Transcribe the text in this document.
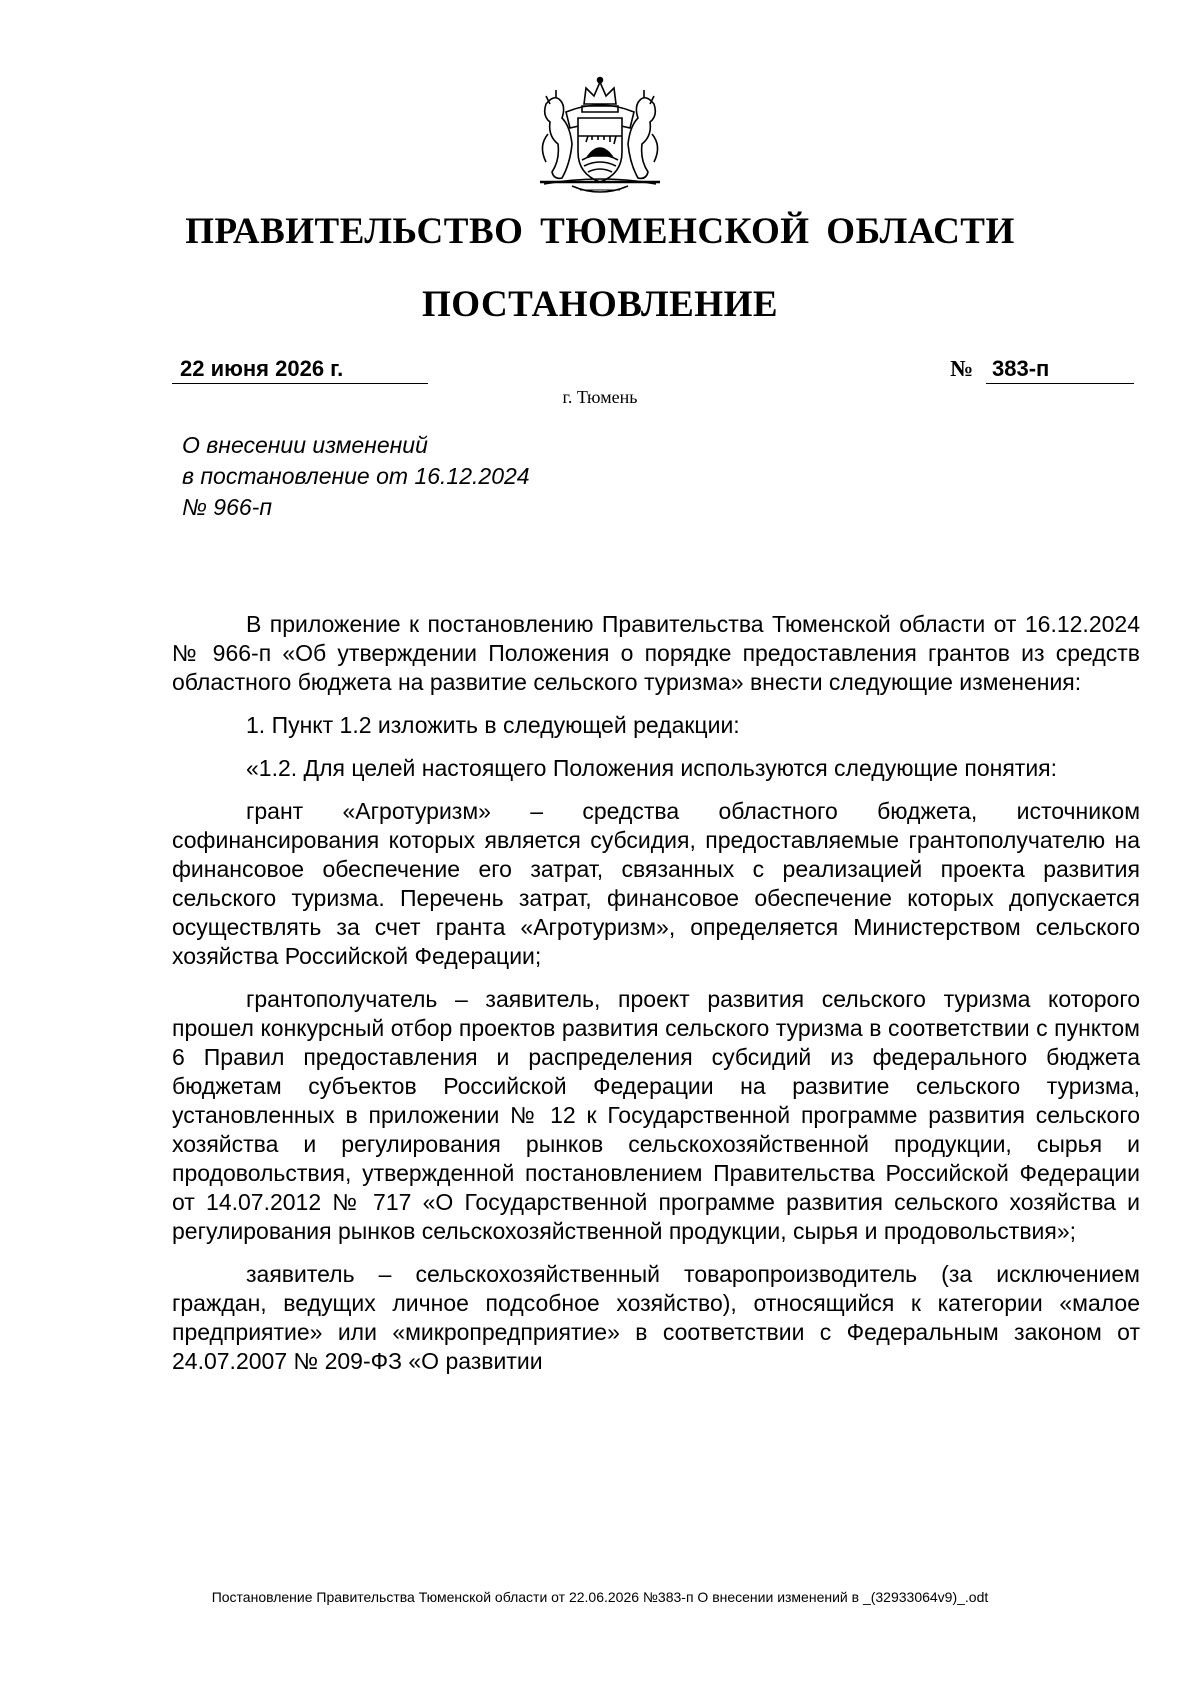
ПРАВИТЕЛЬСТВО ТЮМЕНСКОЙ ОБЛАСТИ
ПОСТАНОВЛЕНИЕ
22 июня 2026 г.	№ 383-п
г. Тюмень
О внесении изменений
в постановление от 16.12.2024
№ 966-п

В приложение к постановлению Правительства Тюменской области от 16.12.2024 № 966-п «Об утверждении Положения о порядке предоставления грантов из средств областного бюджета на развитие сельского туризма» внести следующие изменения:

1. Пункт 1.2 изложить в следующей редакции:

«1.2. Для целей настоящего Положения используются следующие понятия:

грант «Агротуризм» – средства областного бюджета, источником софинансирования которых является субсидия, предоставляемые грантополучателю на финансовое обеспечение его затрат, связанных с реализацией проекта развития сельского туризма. Перечень затрат, финансовое обеспечение которых допускается осуществлять за счет гранта «Агротуризм», определяется Министерством сельского хозяйства Российской Федерации;

грантополучатель – заявитель, проект развития сельского туризма которого прошел конкурсный отбор проектов развития сельского туризма в соответствии с пунктом 6 Правил предоставления и распределения субсидий из федерального бюджета бюджетам субъектов Российской Федерации на развитие сельского туризма, установленных в приложении № 12 к Государственной программе развития сельского хозяйства и регулирования рынков сельскохозяйственной продукции, сырья и продовольствия, утвержденной постановлением Правительства Российской Федерации от 14.07.2012 № 717 «О Государственной программе развития сельского хозяйства и регулирования рынков сельскохозяйственной продукции, сырья и продовольствия»;

заявитель – сельскохозяйственный товаропроизводитель (за исключением граждан, ведущих личное подсобное хозяйство), относящийся к категории «малое предприятие» или «микропредприятие» в соответствии с Федеральным законом от 24.07.2007 № 209-ФЗ «О развитии

Постановление Правительства Тюменской области от 22.06.2026 №383-п О внесении изменений в _(32933064v9)_.odt
